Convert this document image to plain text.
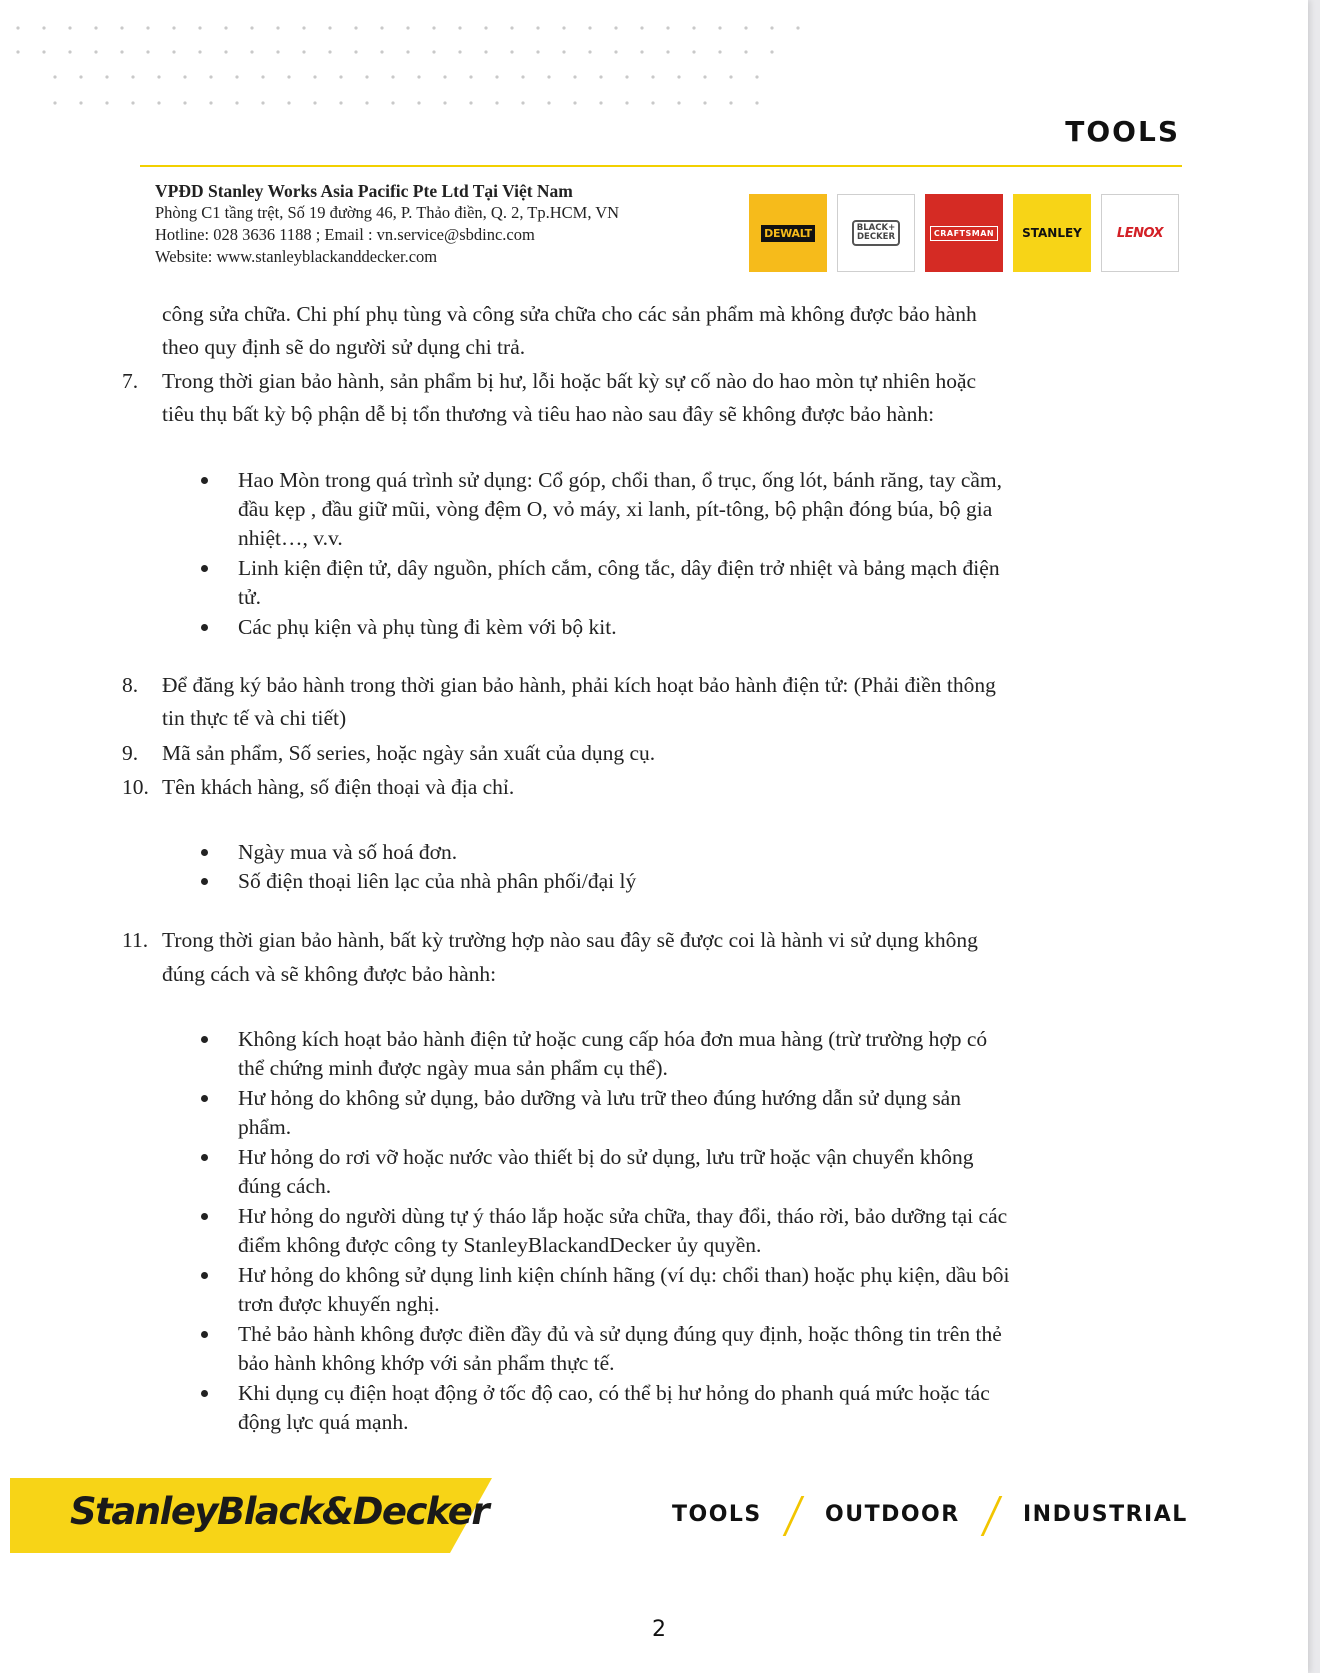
TOOLS
VPĐD Stanley Works Asia Pacific Pte Ltd Tại Việt Nam
Phòng C1 tầng trệt, Số 19 đường 46, P. Thảo điền, Q. 2, Tp.HCM, VN
Hotline: 028 3636 1188 ; Email : vn.service@sbdinc.com
Website: www.stanleyblackanddecker.com
DEWALT	BLACK+
DECKER	CRAFTSMAN	STANLEY	LENOX

công sửa chữa. Chi phí phụ tùng và công sửa chữa cho các sản phẩm mà không được bảo hành

theo quy định sẽ do người sử dụng chi trả.

7. Trong thời gian bảo hành, sản phẩm bị hư, lỗi hoặc bất kỳ sự cố nào do hao mòn tự nhiên hoặc

tiêu thụ bất kỳ bộ phận dễ bị tổn thương và tiêu hao nào sau đây sẽ không được bảo hành:

Hao Mòn trong quá trình sử dụng: Cổ góp, chổi than, ổ trục, ống lót, bánh răng, tay cầm,

đầu kẹp , đầu giữ mũi, vòng đệm O, vỏ máy, xi lanh, pít-tông, bộ phận đóng búa, bộ gia

nhiệt…, v.v.

Linh kiện điện tử, dây nguồn, phích cắm, công tắc, dây điện trở nhiệt và bảng mạch điện

tử.

Các phụ kiện và phụ tùng đi kèm với bộ kit.

8. Để đăng ký bảo hành trong thời gian bảo hành, phải kích hoạt bảo hành điện tử: (Phải điền thông

tin thực tế và chi tiết)

9. Mã sản phẩm, Số series, hoặc ngày sản xuất của dụng cụ.

10. Tên khách hàng, số điện thoại và địa chỉ.

Ngày mua và số hoá đơn.

Số điện thoại liên lạc của nhà phân phối/đại lý

11. Trong thời gian bảo hành, bất kỳ trường hợp nào sau đây sẽ được coi là hành vi sử dụng không

đúng cách và sẽ không được bảo hành:

Không kích hoạt bảo hành điện tử hoặc cung cấp hóa đơn mua hàng (trừ trường hợp có

thể chứng minh được ngày mua sản phẩm cụ thể).

Hư hỏng do không sử dụng, bảo dưỡng và lưu trữ theo đúng hướng dẫn sử dụng sản

phẩm.

Hư hỏng do rơi vỡ hoặc nước vào thiết bị do sử dụng, lưu trữ hoặc vận chuyển không

đúng cách.

Hư hỏng do người dùng tự ý tháo lắp hoặc sửa chữa, thay đổi, tháo rời, bảo dưỡng tại các

điểm không được công ty StanleyBlackandDecker ủy quyền.

Hư hỏng do không sử dụng linh kiện chính hãng (ví dụ: chổi than) hoặc phụ kiện, dầu bôi

trơn được khuyến nghị.

Thẻ bảo hành không được điền đầy đủ và sử dụng đúng quy định, hoặc thông tin trên thẻ

bảo hành không khớp với sản phẩm thực tế.

Khi dụng cụ điện hoạt động ở tốc độ cao, có thể bị hư hỏng do phanh quá mức hoặc tác

động lực quá mạnh.

StanleyBlack&Decker	TOOLS	OUTDOOR	INDUSTRIAL
2
